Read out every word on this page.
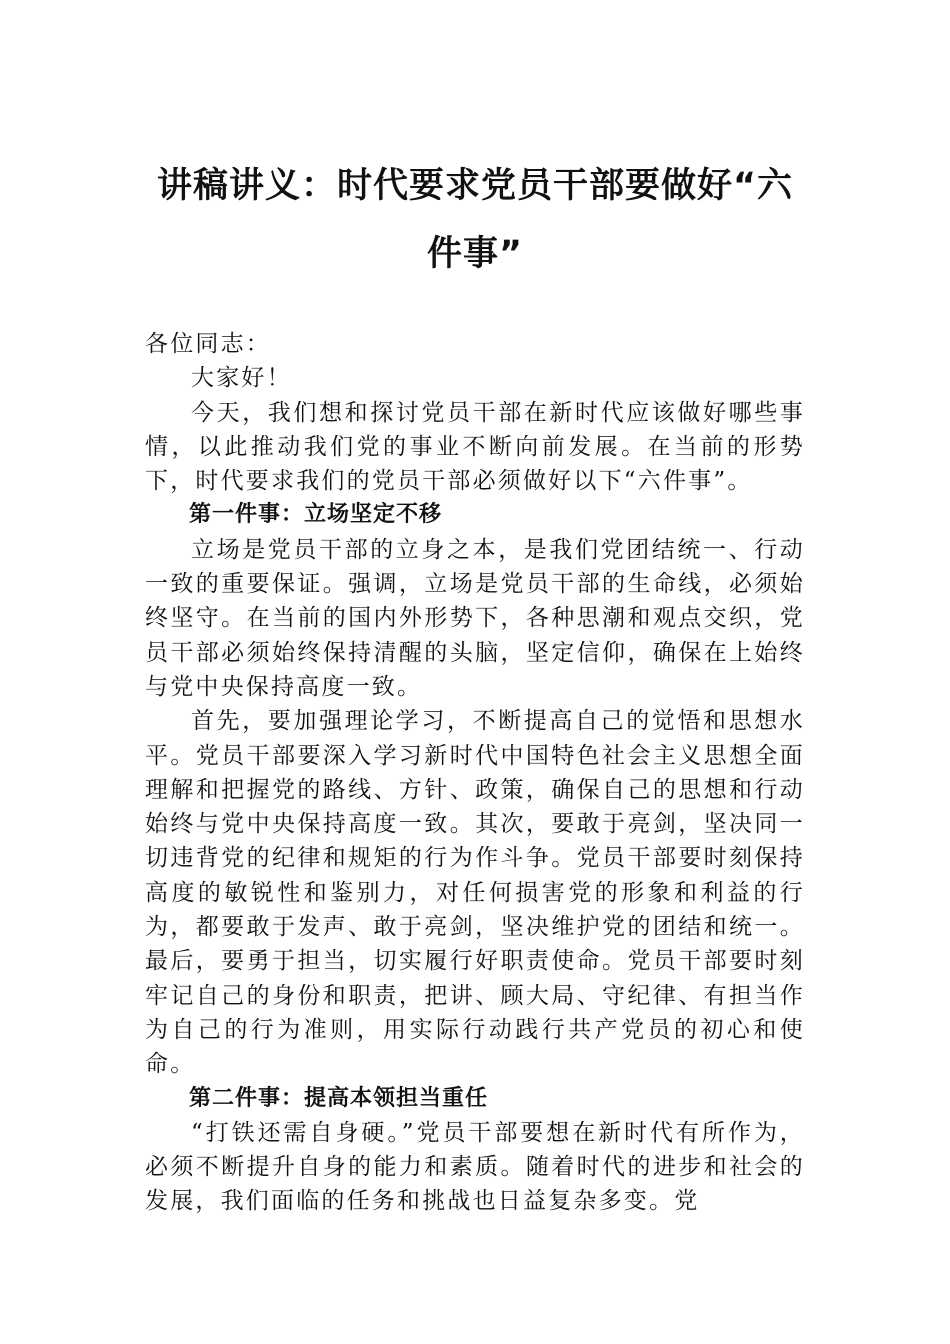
讲稿讲义：时代要求党员干部要做好“六
件事”

各位同志：

大家好！

今天，我们想和探讨党员干部在新时代应该做好哪些事情，以此推动我们党的事业不断向前发展。在当前的形势下，时代要求我们的党员干部必须做好以下“六件事”。

第一件事：立场坚定不移

立场是党员干部的立身之本，是我们党团结统一、行动一致的重要保证。强调，立场是党员干部的生命线，必须始终坚守。在当前的国内外形势下，各种思潮和观点交织，党员干部必须始终保持清醒的头脑，坚定信仰，确保在上始终与党中央保持高度一致。

首先，要加强理论学习，不断提高自己的觉悟和思想水平。党员干部要深入学习新时代中国特色社会主义思想全面理解和把握党的路线、方针、政策，确保自己的思想和行动始终与党中央保持高度一致。其次，要敢于亮剑，坚决同一切违背党的纪律和规矩的行为作斗争。党员干部要时刻保持高度的敏锐性和鉴别力，对任何损害党的形象和利益的行为，都要敢于发声、敢于亮剑，坚决维护党的团结和统一。最后，要勇于担当，切实履行好职责使命。党员干部要时刻牢记自己的身份和职责，把讲、顾大局、守纪律、有担当作为自己的行为准则，用实际行动践行共产党员的初心和使命。

第二件事：提高本领担当重任

“打铁还需自身硬。”党员干部要想在新时代有所作为，必须不断提升自身的能力和素质。随着时代的进步和社会的发展，我们面临的任务和挑战也日益复杂多变。党
